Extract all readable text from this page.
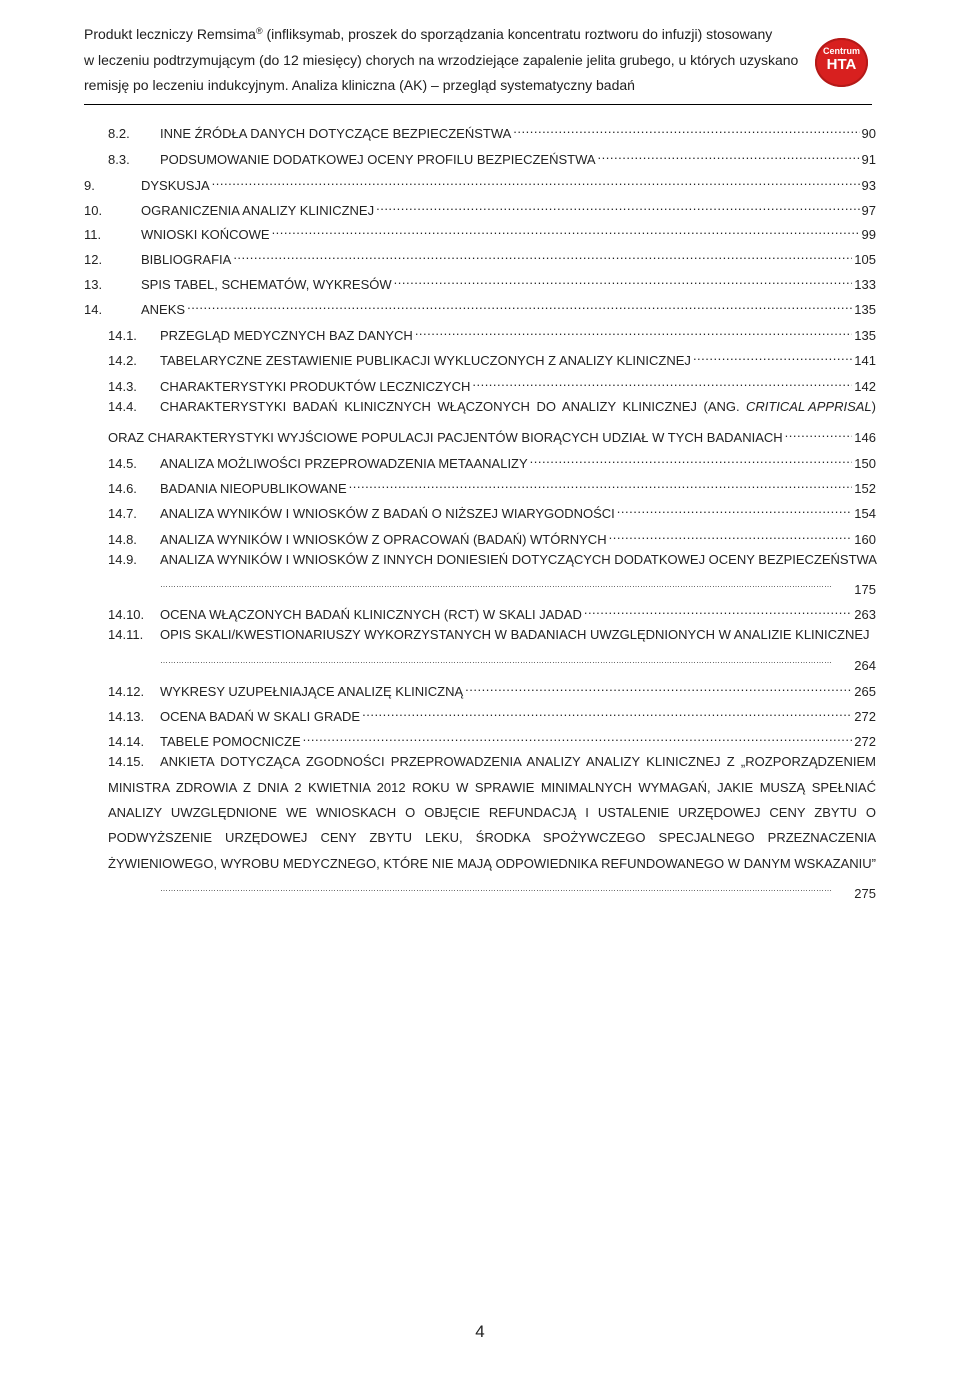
Produkt leczniczy Remsima® (infliksymab, proszek do sporządzania koncentratu roztworu do infuzji) stosowany
w leczeniu podtrzymującym (do 12 miesięcy) chorych na wrzodziejące zapalenie jelita grubego, u których uzyskano
remisję po leczeniu indukcyjnym. Analiza kliniczna (AK) – przegląd systematyczny badań
Centrum
HTA
8.2.	INNE ŹRÓDŁA DANYCH DOTYCZĄCE BEZPIECZEŃSTWA .....	90
8.3.	PODSUMOWANIE DODATKOWEJ OCENY PROFILU BEZPIECZEŃSTWA .....	91
9.	DYSKUSJA .....	93
10.	OGRANICZENIA ANALIZY KLINICZNEJ .....	97
11.	WNIOSKI KOŃCOWE .....	99
12.	BIBLIOGRAFIA .....	105
13.	SPIS TABEL, SCHEMATÓW, WYKRESÓW .....	133
14.	ANEKS .....	135
14.1.	PRZEGLĄD MEDYCZNYCH BAZ DANYCH .....	135
14.2.	TABELARYCZNE ZESTAWIENIE PUBLIKACJI WYKLUCZONYCH Z ANALIZY KLINICZNEJ .....	141
14.3.	CHARAKTERYSTYKI PRODUKTÓW LECZNICZYCH .....	142
14.4.	CHARAKTERYSTYKI BADAŃ KLINICZNYCH WŁĄCZONYCH DO ANALIZY KLINICZNEJ (ANG. CRITICAL APPRISAL)
ORAZ CHARAKTERYSTYKI WYJŚCIOWE POPULACJI PACJENTÓW BIORĄCYCH UDZIAŁ W TYCH BADANIACH .....	146
14.5.	ANALIZA MOŻLIWOŚCI PRZEPROWADZENIA METAANALIZY .....	150
14.6.	BADANIA NIEOPUBLIKOWANE .....	152
14.7.	ANALIZA WYNIKÓW I WNIOSKÓW Z BADAŃ O NIŻSZEJ WIARYGODNOŚCI .....	154
14.8.	ANALIZA WYNIKÓW I WNIOSKÓW Z OPRACOWAŃ (BADAŃ) WTÓRNYCH .....	160
14.9. ANALIZA WYNIKÓW I WNIOSKÓW Z INNYCH DONIESIEŃ DOTYCZĄCYCH DODATKOWEJ OCENY BEZPIECZEŃSTWA
………………………………………………………………………………………………………………………………………………………………………………………………………………………………
175
14.10.	OCENA WŁĄCZONYCH BADAŃ KLINICZNYCH (RCT) W SKALI JADAD .....	263
14.11. OPIS SKALI/KWESTIONARIUSZY WYKORZYSTANYCH W BADANIACH UWZGLĘDNIONYCH W ANALIZIE KLINICZNEJ
………………………………………………………………………………………………………………………………………………………………………………………………………………………………
264
14.12.	WYKRESY UZUPEŁNIAJĄCE ANALIZĘ KLINICZNĄ .....	265
14.13.	OCENA BADAŃ W SKALI GRADE .....	272
14.14.	TABELE POMOCNICZE .....	272
14.15.	ANKIETA DOTYCZĄCA ZGODNOŚCI PRZEPROWADZENIA ANALIZY ANALIZY KLINICZNEJ Z „ROZPORZĄDZENIEM
MINISTRA ZDROWIA Z DNIA 2 KWIETNIA 2012 ROKU W SPRAWIE MINIMALNYCH WYMAGAŃ, JAKIE MUSZĄ SPEŁNIAĆ
ANALIZY UWZGLĘDNIONE WE WNIOSKACH O OBJĘCIE REFUNDACJĄ I USTALENIE URZĘDOWEJ CENY ZBYTU O
PODWYŻSZENIE URZĘDOWEJ CENY ZBYTU LEKU, ŚRODKA SPOŻYWCZEGO SPECJALNEGO PRZEZNACZENIA
ŻYWIENIOWEGO, WYROBU MEDYCZNEGO, KTÓRE NIE MAJĄ ODPOWIEDNIKA REFUNDOWANEGO W DANYM WSKAZANIU”
………………………………………………………………………………………………………………………………………………………………………………………………………………………………
275
4
